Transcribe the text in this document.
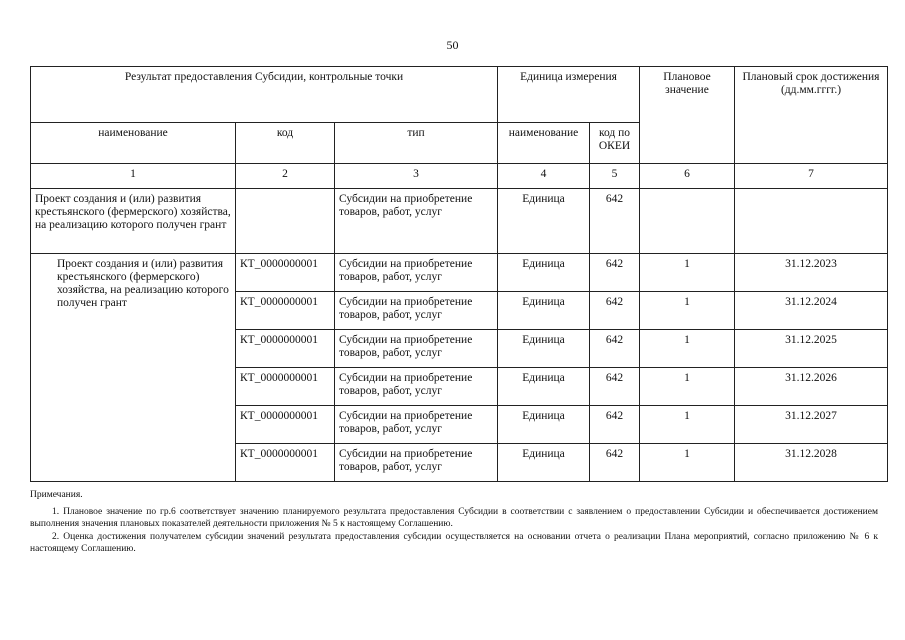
50
Результат предоставления Субсидии, контрольные точки			Единица измерения		Плановое значение	Плановый срок достижения (дд.мм.гггг.)
наименование	код	тип	наименование	код по ОКЕИ		
1	2	3	4	5	6	7
Проект создания и (или) развития крестьянского (фермерского) хозяйства, на реализацию которого получен грант		Субсидии на приобретение товаров, работ, услуг	Единица	642		
Проект создания и (или) развития крестьянского (фермерского) хозяйства, на реализацию которого получен грант	КТ_0000000001	Субсидии на приобретение товаров, работ, услуг	Единица	642	1	31.12.2023
	КТ_0000000001	Субсидии на приобретение товаров, работ, услуг	Единица	642	1	31.12.2024
	КТ_0000000001	Субсидии на приобретение товаров, работ, услуг	Единица	642	1	31.12.2025
	КТ_0000000001	Субсидии на приобретение товаров, работ, услуг	Единица	642	1	31.12.2026
	КТ_0000000001	Субсидии на приобретение товаров, работ, услуг	Единица	642	1	31.12.2027
	КТ_0000000001	Субсидии на приобретение товаров, работ, услуг	Единица	642	1	31.12.2028
Примечания.

1. Плановое значение по гр.6 соответствует значению планируемого результата предоставления Субсидии в соответствии с заявлением о предоставлении Субсидии и обеспечивается достижением выполнения значения плановых показателей деятельности приложения № 5 к настоящему Соглашению.

2. Оценка достижения получателем субсидии значений результата предоставления субсидии осуществляется на основании отчета о реализации Плана мероприятий, согласно приложению № 6 к настоящему Соглашению.
